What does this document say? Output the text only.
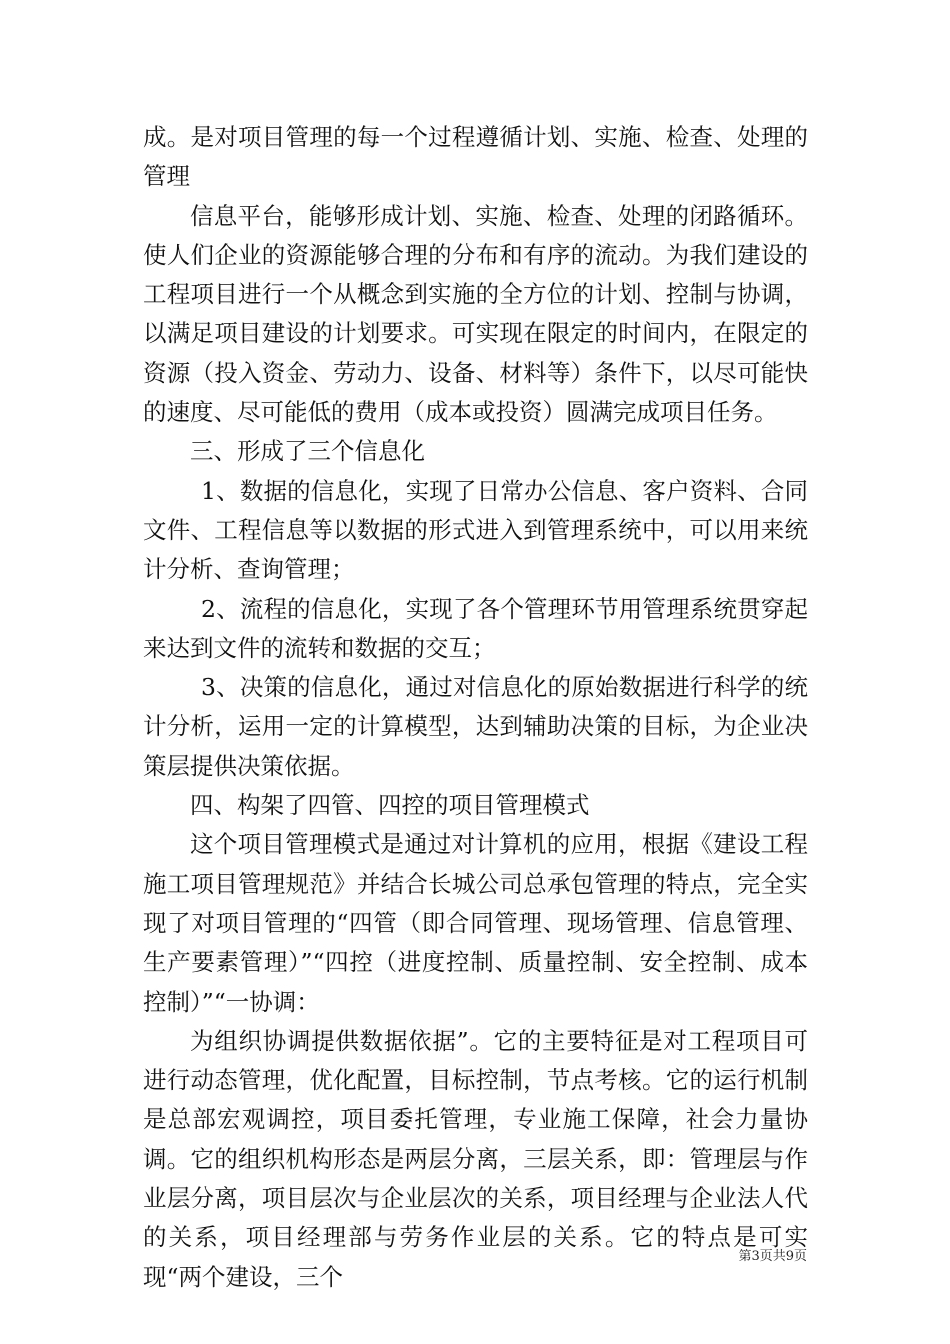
成。是对项目管理的每一个过程遵循计划、实施、检查、处理的管理

信息平台，能够形成计划、实施、检查、处理的闭路循环。使人们企业的资源能够合理的分布和有序的流动。为我们建设的工程项目进行一个从概念到实施的全方位的计划、控制与协调，以满足项目建设的计划要求。可实现在限定的时间内，在限定的资源（投入资金、劳动力、设备、材料等）条件下，以尽可能快的速度、尽可能低的费用（成本或投资）圆满完成项目任务。

三、形成了三个信息化

1、数据的信息化，实现了日常办公信息、客户资料、合同文件、工程信息等以数据的形式进入到管理系统中，可以用来统计分析、查询管理；

2、流程的信息化，实现了各个管理环节用管理系统贯穿起来达到文件的流转和数据的交互；

3、决策的信息化，通过对信息化的原始数据进行科学的统计分析，运用一定的计算模型，达到辅助决策的目标，为企业决策层提供决策依据。

四、构架了四管、四控的项目管理模式

这个项目管理模式是通过对计算机的应用，根据《建设工程施工项目管理规范》并结合长城公司总承包管理的特点，完全实现了对项目管理的“四管（即合同管理、现场管理、信息管理、生产要素管理）”“四控（进度控制、质量控制、安全控制、成本控制）”“一协调：

为组织协调提供数据依据”。它的主要特征是对工程项目可进行动态管理，优化配置，目标控制，节点考核。它的运行机制是总部宏观调控，项目委托管理，专业施工保障，社会力量协调。它的组织机构形态是两层分离，三层关系，即：管理层与作业层分离，项目层次与企业层次的关系，项目经理与企业法人代的关系，项目经理部与劳务作业层的关系。它的特点是可实现“两个建设，三个

第3页共9页
